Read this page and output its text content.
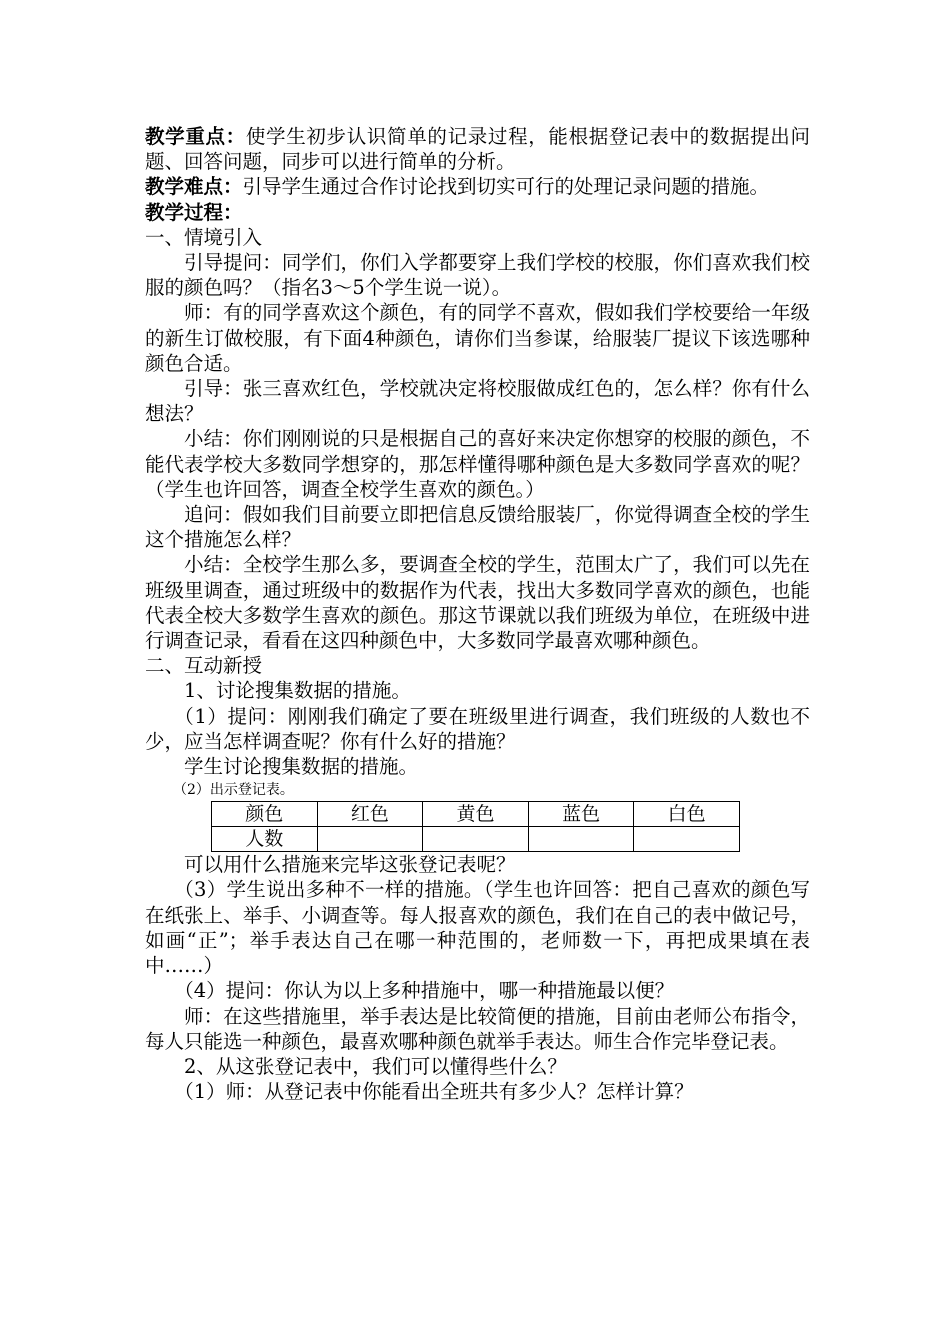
教学重点：使学生初步认识简单的记录过程，能根据登记表中的数据提出问题、回答问题，同步可以进行简单的分析。

教学难点：引导学生通过合作讨论找到切实可行的处理记录问题的措施。

教学过程：

一、情境引入

引导提问：同学们，你们入学都要穿上我们学校的校服，你们喜欢我们校服的颜色吗？（指名3～5个学生说一说）。

师：有的同学喜欢这个颜色，有的同学不喜欢，假如我们学校要给一年级的新生订做校服，有下面4种颜色，请你们当参谋，给服装厂提议下该选哪种颜色合适。

引导：张三喜欢红色，学校就决定将校服做成红色的，怎么样？你有什么想法？

小结：你们刚刚说的只是根据自己的喜好来决定你想穿的校服的颜色，不能代表学校大多数同学想穿的，那怎样懂得哪种颜色是大多数同学喜欢的呢？（学生也许回答，调查全校学生喜欢的颜色。）

追问：假如我们目前要立即把信息反馈给服装厂，你觉得调查全校的学生这个措施怎么样？

小结：全校学生那么多，要调查全校的学生，范围太广了，我们可以先在班级里调查，通过班级中的数据作为代表，找出大多数同学喜欢的颜色，也能代表全校大多数学生喜欢的颜色。那这节课就以我们班级为单位，在班级中进行调查记录，看看在这四种颜色中，大多数同学最喜欢哪种颜色。

二、互动新授

1、讨论搜集数据的措施。

（1）提问：刚刚我们确定了要在班级里进行调查，我们班级的人数也不少，应当怎样调查呢？你有什么好的措施？

学生讨论搜集数据的措施。

（2）出示登记表。

颜色	红色	黄色	蓝色	白色
人数				

可以用什么措施来完毕这张登记表呢？

（3）学生说出多种不一样的措施。（学生也许回答：把自己喜欢的颜色写在纸张上、举手、小调查等。每人报喜欢的颜色，我们在自己的表中做记号，如画“正”；举手表达自己在哪一种范围的，老师数一下，再把成果填在表中……）

（4）提问：你认为以上多种措施中，哪一种措施最以便？

师：在这些措施里，举手表达是比较简便的措施，目前由老师公布指令，每人只能选一种颜色，最喜欢哪种颜色就举手表达。师生合作完毕登记表。

2、从这张登记表中，我们可以懂得些什么？

（1）师：从登记表中你能看出全班共有多少人？怎样计算？
